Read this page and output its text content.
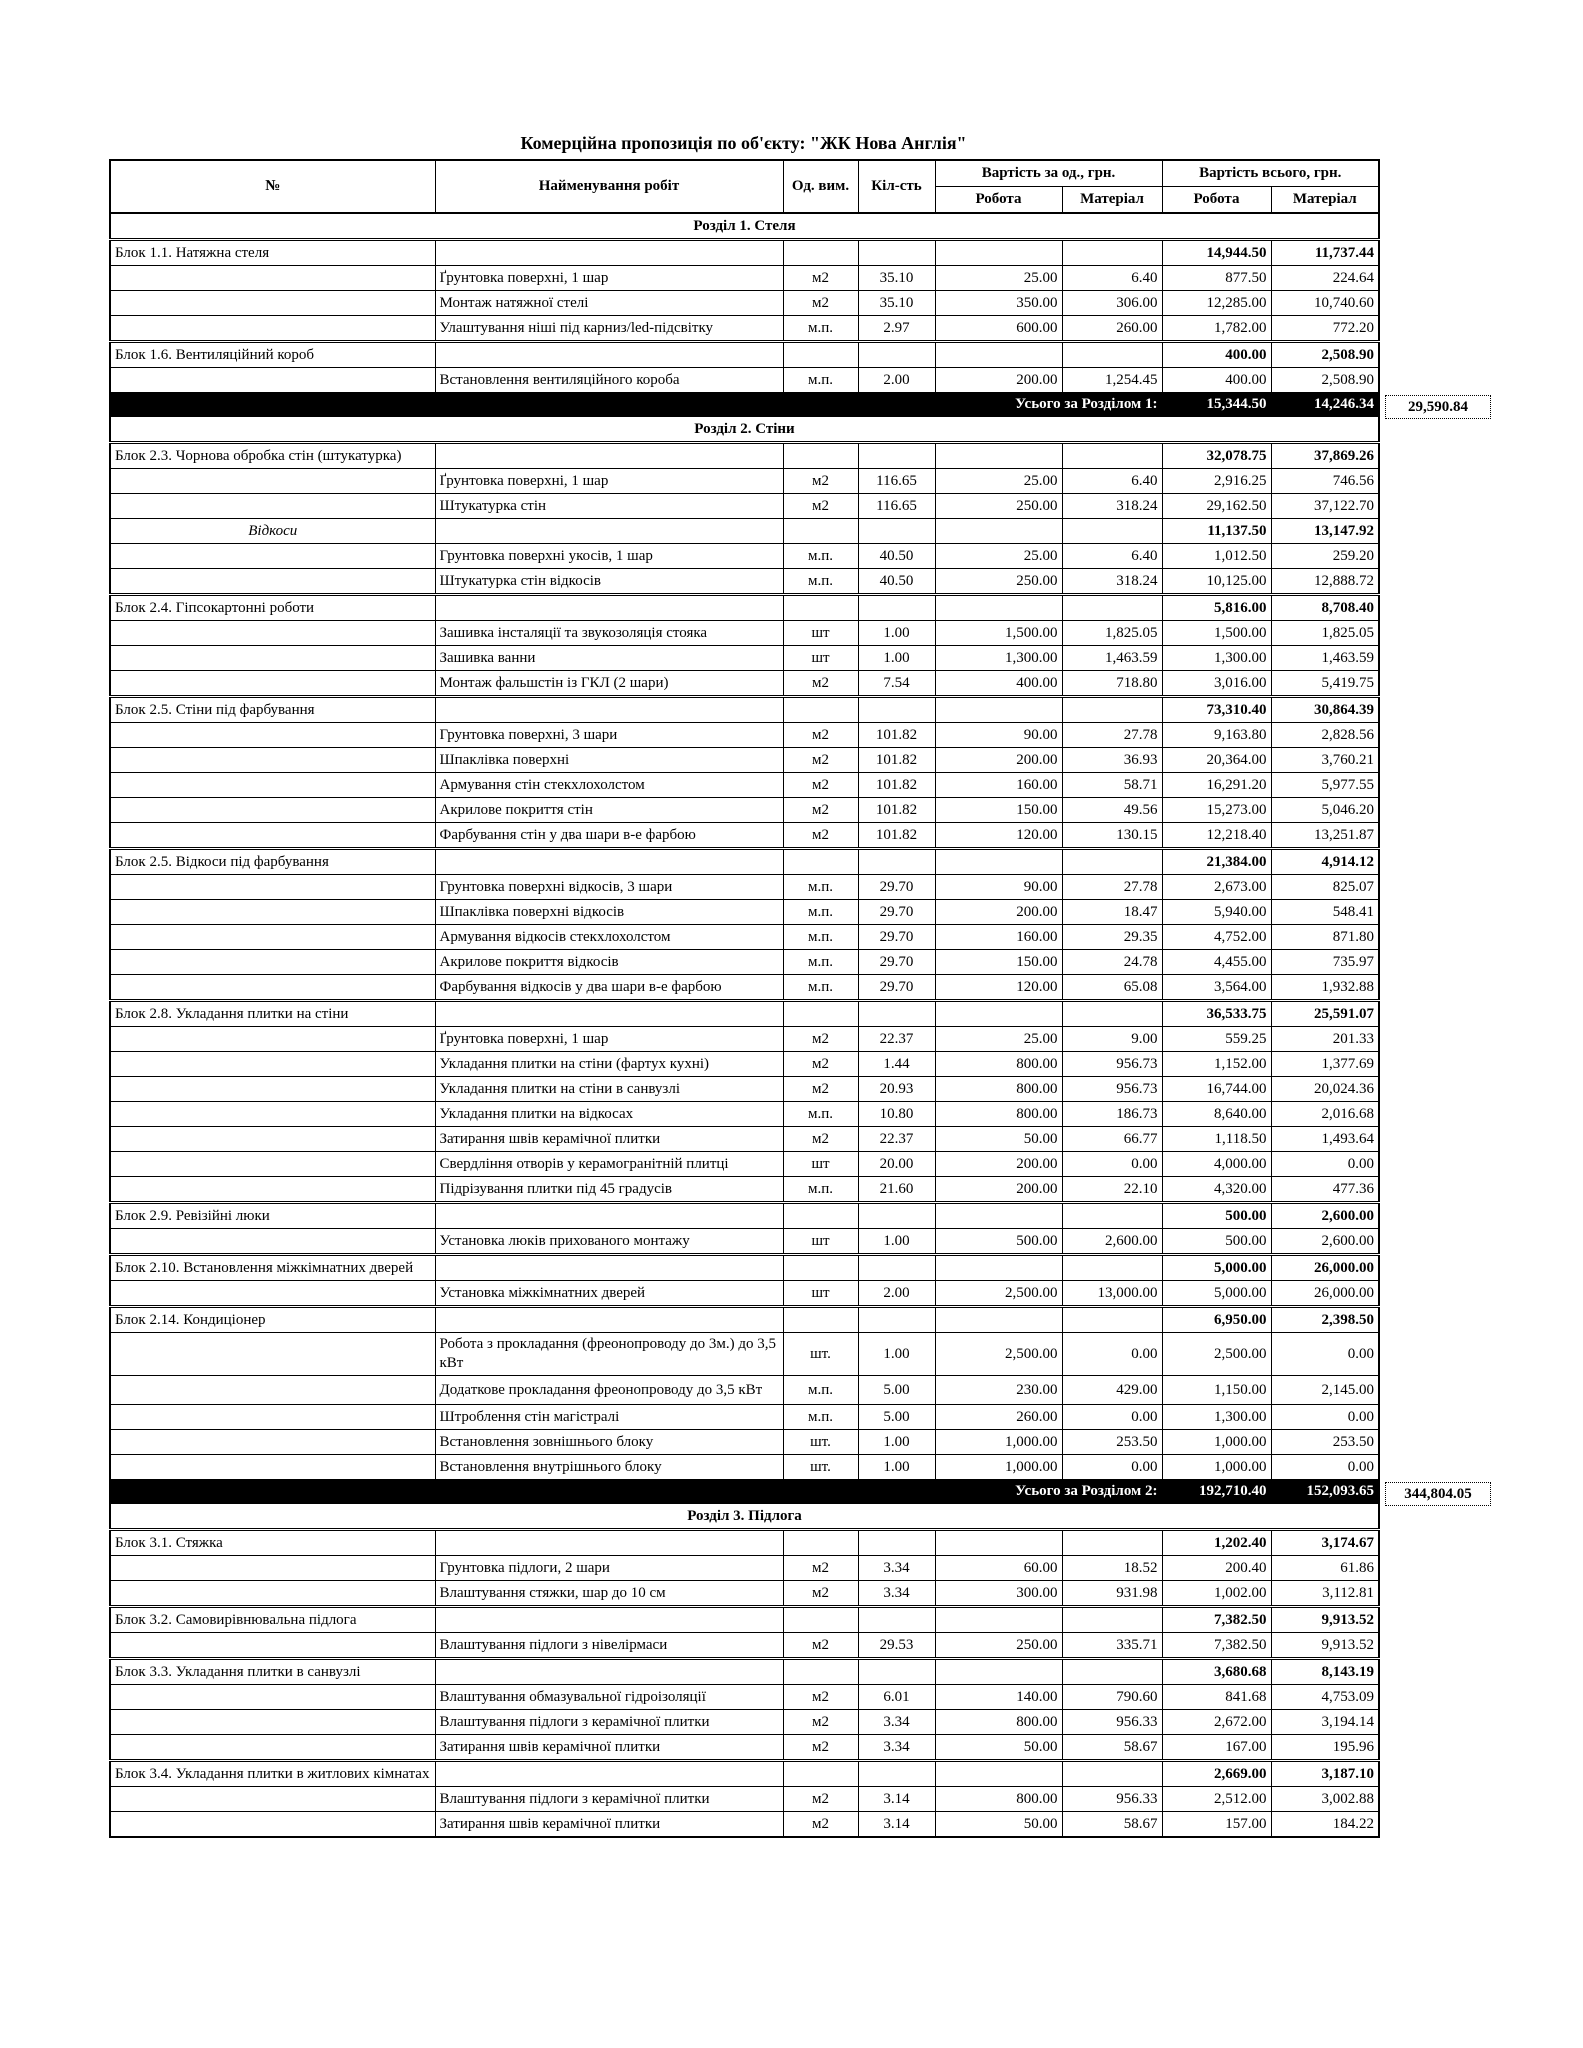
Комерційна пропозиція по об'єкту: "ЖК Нова Англія"
№	Найменування робіт	Од. вим.	Кіл-сть	Вартість за од., грн.		Вартість всього, грн.	
				Робота	Матеріал	Робота	Матеріал
Розділ 1. Стеля							
Блок 1.1. Натяжна стеля						14,944.50	11,737.44
	Ґрунтовка поверхні, 1 шар	м2	35.10	25.00	6.40	877.50	224.64
	Монтаж натяжної стелі	м2	35.10	350.00	306.00	12,285.00	10,740.60
	Улаштування ніші під карниз/led-підсвітку	м.п.	2.97	600.00	260.00	1,782.00	772.20
Блок 1.6. Вентиляційний короб						400.00	2,508.90
	Встановлення вентиляційного короба	м.п.	2.00	200.00	1,254.45	400.00	2,508.90
Усього за Розділом 1:						15,344.50	14,246.34
Розділ 2. Стіни							
Блок 2.3. Чорнова обробка стін (штукатурка)						32,078.75	37,869.26
	Ґрунтовка поверхні, 1 шар	м2	116.65	25.00	6.40	2,916.25	746.56
	Штукатурка стін	м2	116.65	250.00	318.24	29,162.50	37,122.70
Відкоси						11,137.50	13,147.92
	Грунтовка поверхні укосів, 1 шар	м.п.	40.50	25.00	6.40	1,012.50	259.20
	Штукатурка стін відкосів	м.п.	40.50	250.00	318.24	10,125.00	12,888.72
Блок 2.4. Гіпсокартонні роботи						5,816.00	8,708.40
	Зашивка інсталяції та звукозоляція стояка	шт	1.00	1,500.00	1,825.05	1,500.00	1,825.05
	Зашивка ванни	шт	1.00	1,300.00	1,463.59	1,300.00	1,463.59
	Монтаж фальшстін із ГКЛ (2 шари)	м2	7.54	400.00	718.80	3,016.00	5,419.75
Блок 2.5. Стіни під фарбування						73,310.40	30,864.39
	Грунтовка поверхні, 3 шари	м2	101.82	90.00	27.78	9,163.80	2,828.56
	Шпаклівка поверхні	м2	101.82	200.00	36.93	20,364.00	3,760.21
	Армування стін стекхлохолстом	м2	101.82	160.00	58.71	16,291.20	5,977.55
	Акрилове покриття стін	м2	101.82	150.00	49.56	15,273.00	5,046.20
	Фарбування стін у два шари в-е фарбою	м2	101.82	120.00	130.15	12,218.40	13,251.87
Блок 2.5. Відкоси під фарбування						21,384.00	4,914.12
	Грунтовка поверхні відкосів, 3 шари	м.п.	29.70	90.00	27.78	2,673.00	825.07
	Шпаклівка поверхні відкосів	м.п.	29.70	200.00	18.47	5,940.00	548.41
	Армування відкосів стекхлохолстом	м.п.	29.70	160.00	29.35	4,752.00	871.80
	Акрилове покриття відкосів	м.п.	29.70	150.00	24.78	4,455.00	735.97
	Фарбування відкосів у два шари в-е фарбою	м.п.	29.70	120.00	65.08	3,564.00	1,932.88
Блок 2.8. Укладання плитки на стіни						36,533.75	25,591.07
	Ґрунтовка поверхні, 1 шар	м2	22.37	25.00	9.00	559.25	201.33
	Укладання плитки на стіни (фартух кухні)	м2	1.44	800.00	956.73	1,152.00	1,377.69
	Укладання плитки на стіни в санвузлі	м2	20.93	800.00	956.73	16,744.00	20,024.36
	Укладання плитки на відкосах	м.п.	10.80	800.00	186.73	8,640.00	2,016.68
	Затирання швів керамічної плитки	м2	22.37	50.00	66.77	1,118.50	1,493.64
	Свердління отворів у керамогранітній плитці	шт	20.00	200.00	0.00	4,000.00	0.00
	Підрізування плитки під 45 градусів	м.п.	21.60	200.00	22.10	4,320.00	477.36
Блок 2.9. Ревізійні люки						500.00	2,600.00
	Установка люків прихованого монтажу	шт	1.00	500.00	2,600.00	500.00	2,600.00
Блок 2.10. Встановлення міжкімнатних дверей						5,000.00	26,000.00
	Установка міжкімнатних дверей	шт	2.00	2,500.00	13,000.00	5,000.00	26,000.00
Блок 2.14. Кондиціонер						6,950.00	2,398.50
	Робота з прокладання (фреонопроводу до 3м.) до 3,5 кВт	шт.	1.00	2,500.00	0.00	2,500.00	0.00
	Додаткове прокладання фреонопроводу до 3,5 кВт	м.п.	5.00	230.00	429.00	1,150.00	2,145.00
	Штроблення стін магістралі	м.п.	5.00	260.00	0.00	1,300.00	0.00
	Встановлення зовнішнього блоку	шт.	1.00	1,000.00	253.50	1,000.00	253.50
	Встановлення внутрішнього блоку	шт.	1.00	1,000.00	0.00	1,000.00	0.00
Усього за Розділом 2:						192,710.40	152,093.65
Розділ 3. Підлога							
Блок 3.1. Стяжка						1,202.40	3,174.67
	Грунтовка підлоги, 2 шари	м2	3.34	60.00	18.52	200.40	61.86
	Влаштування стяжки, шар до 10 см	м2	3.34	300.00	931.98	1,002.00	3,112.81
Блок 3.2. Самовирівнювальна підлога						7,382.50	9,913.52
	Влаштування підлоги з нівелірмаси	м2	29.53	250.00	335.71	7,382.50	9,913.52
Блок 3.3. Укладання плитки в санвузлі						3,680.68	8,143.19
	Влаштування обмазувальної гідроізоляції	м2	6.01	140.00	790.60	841.68	4,753.09
	Влаштування підлоги з керамічної плитки	м2	3.34	800.00	956.33	2,672.00	3,194.14
	Затирання швів керамічної плитки	м2	3.34	50.00	58.67	167.00	195.96
Блок 3.4. Укладання плитки в житлових кімнатах						2,669.00	3,187.10
	Влаштування підлоги з керамічної плитки	м2	3.14	800.00	956.33	2,512.00	3,002.88
	Затирання швів керамічної плитки	м2	3.14	50.00	58.67	157.00	184.22
29,590.84
344,804.05
